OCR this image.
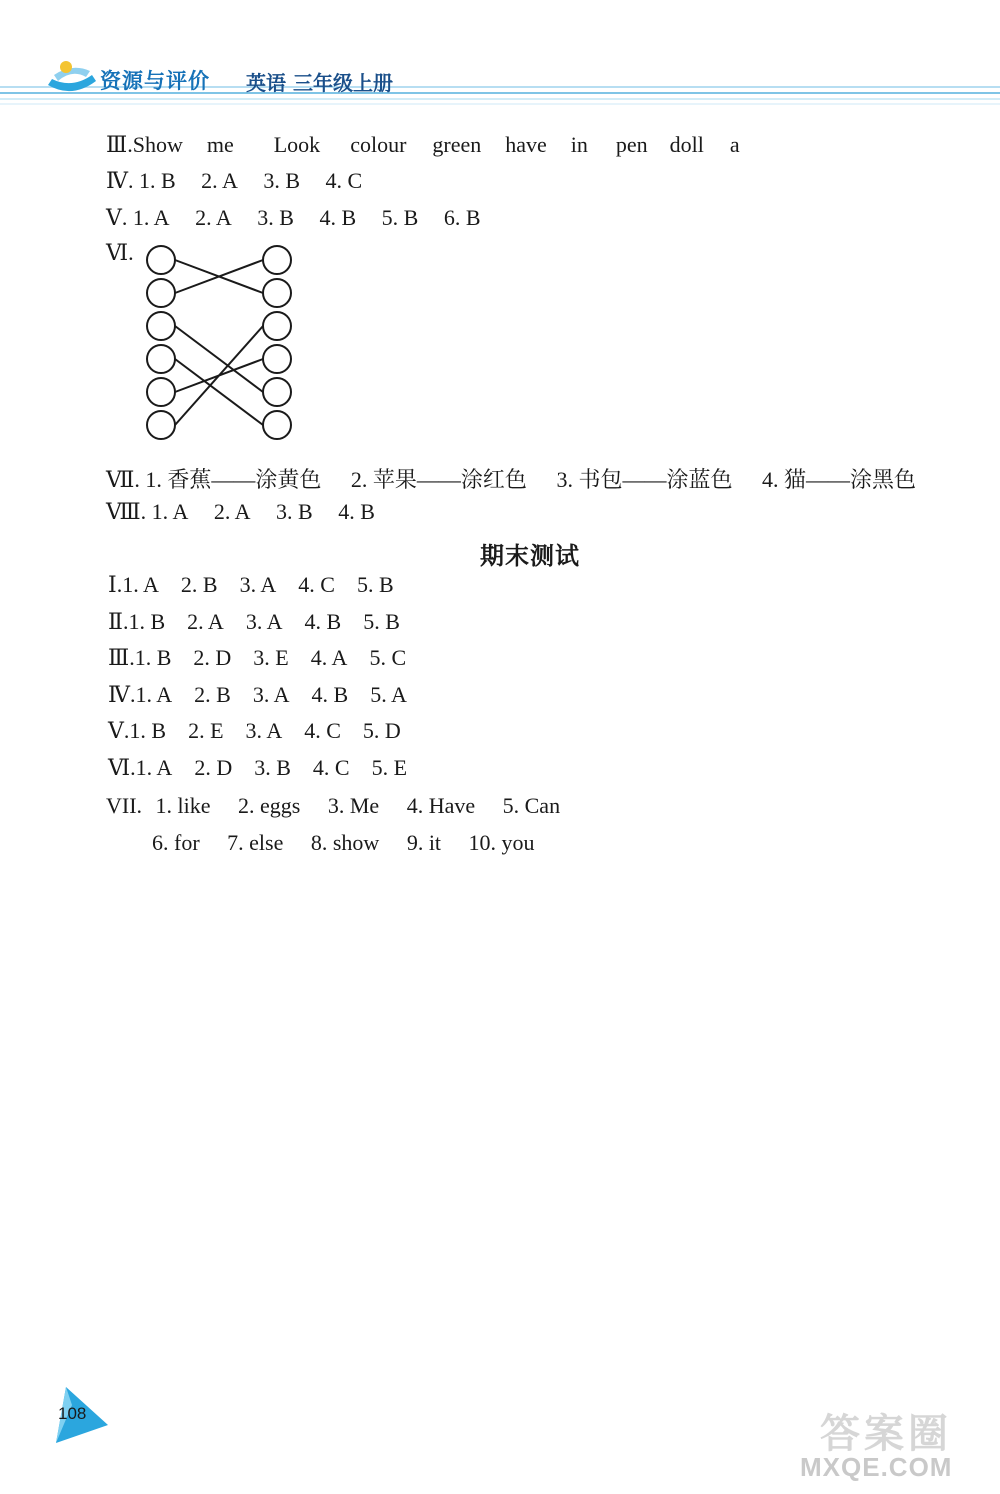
资源与评价 英语 三年级上册
Ⅲ.Show me Look colour green have in pen doll a
Ⅳ. 1. B 2. A 3. B 4. C
Ⅴ. 1. A 2. A 3. B 4. B 5. B 6. B
Ⅵ.
Ⅶ. 1. 香蕉——涂黄色 2. 苹果——涂红色 3. 书包——涂蓝色 4. 猫——涂黑色
Ⅷ. 1. A 2. A 3. B 4. B
期末测试
Ⅰ.1. A 2. B 3. A 4. C 5. B
Ⅱ.1. B 2. A 3. A 4. B 5. B
Ⅲ.1. B 2. D 3. E 4. A 5. C
Ⅳ.1. A 2. B 3. A 4. B 5. A
Ⅴ.1. B 2. E 3. A 4. C 5. D
Ⅵ.1. A 2. D 3. B 4. C 5. E
VII. 1. like 2. eggs 3. Me 4. Have 5. Can
6. for 7. else 8. show 9. it 10. you
108	答案圈
MXQE.COM
